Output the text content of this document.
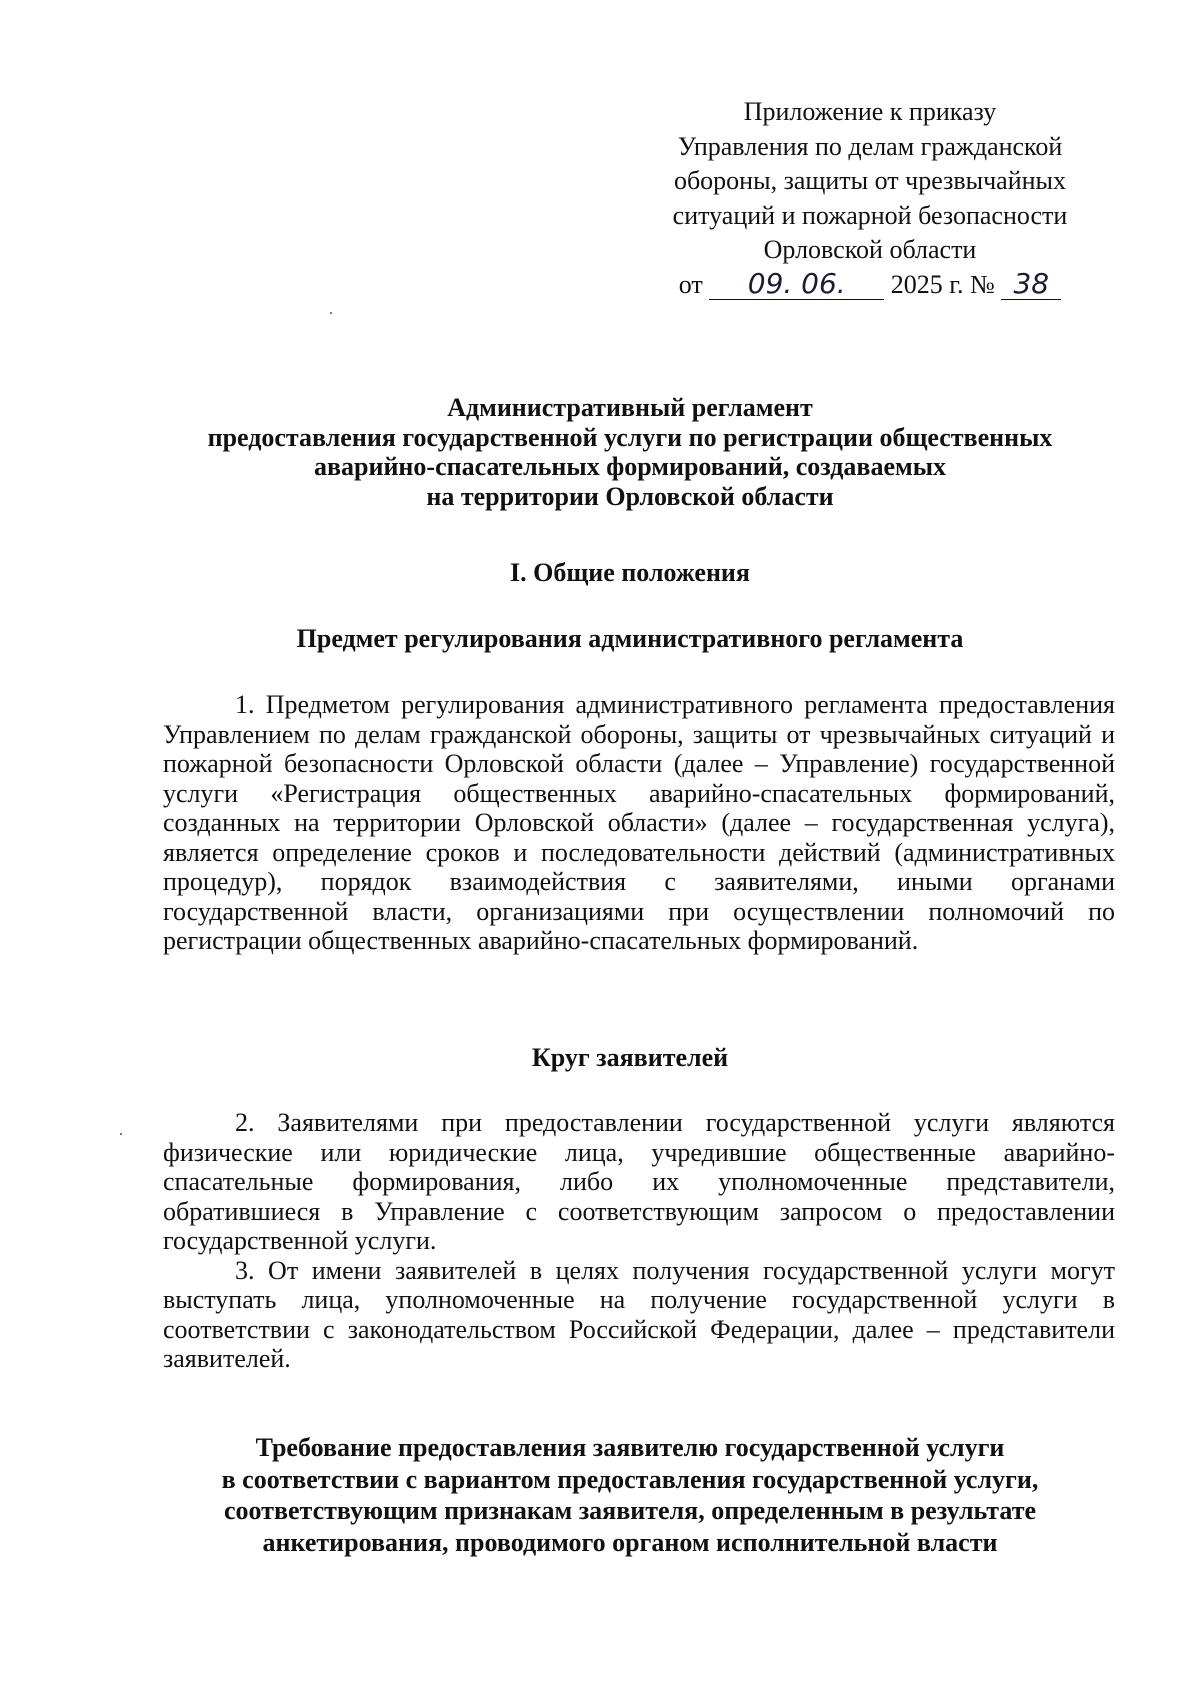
Приложение к приказу
Управления по делам гражданской
обороны, защиты от чрезвычайных
ситуаций и пожарной безопасности
Орловской области
от 09. 06. 2025 г. № 38
Административный регламент
предоставления государственной услуги по регистрации общественных
аварийно-спасательных формирований, создаваемых
на территории Орловской области
I. Общие положения
Предмет регулирования административного регламента

1. Предметом регулирования административного регламента предоставления Управлением по делам гражданской обороны, защиты от чрезвычайных ситуаций и пожарной безопасности Орловской области (далее – Управление) государственной услуги «Регистрация общественных аварийно-спасательных формирований, созданных на территории Орловской области» (далее – государственная услуга), является определение сроков и последовательности действий (административных процедур), порядок взаимодействия с заявителями, иными органами государственной власти, организациями при осуществлении полномочий по регистрации общественных аварийно-спасательных формирований.

Круг заявителей

2. Заявителями при предоставлении государственной услуги являются физические или юридические лица, учредившие общественные аварийно-спасательные формирования, либо их уполномоченные представители, обратившиеся в Управление с соответствующим запросом о предоставлении государственной услуги.

3. От имени заявителей в целях получения государственной услуги могут выступать лица, уполномоченные на получение государственной услуги в соответствии с законодательством Российской Федерации, далее – представители заявителей.

Требование предоставления заявителю государственной услуги
в соответствии с вариантом предоставления государственной услуги,
соответствующим признакам заявителя, определенным в результате
анкетирования, проводимого органом исполнительной власти
